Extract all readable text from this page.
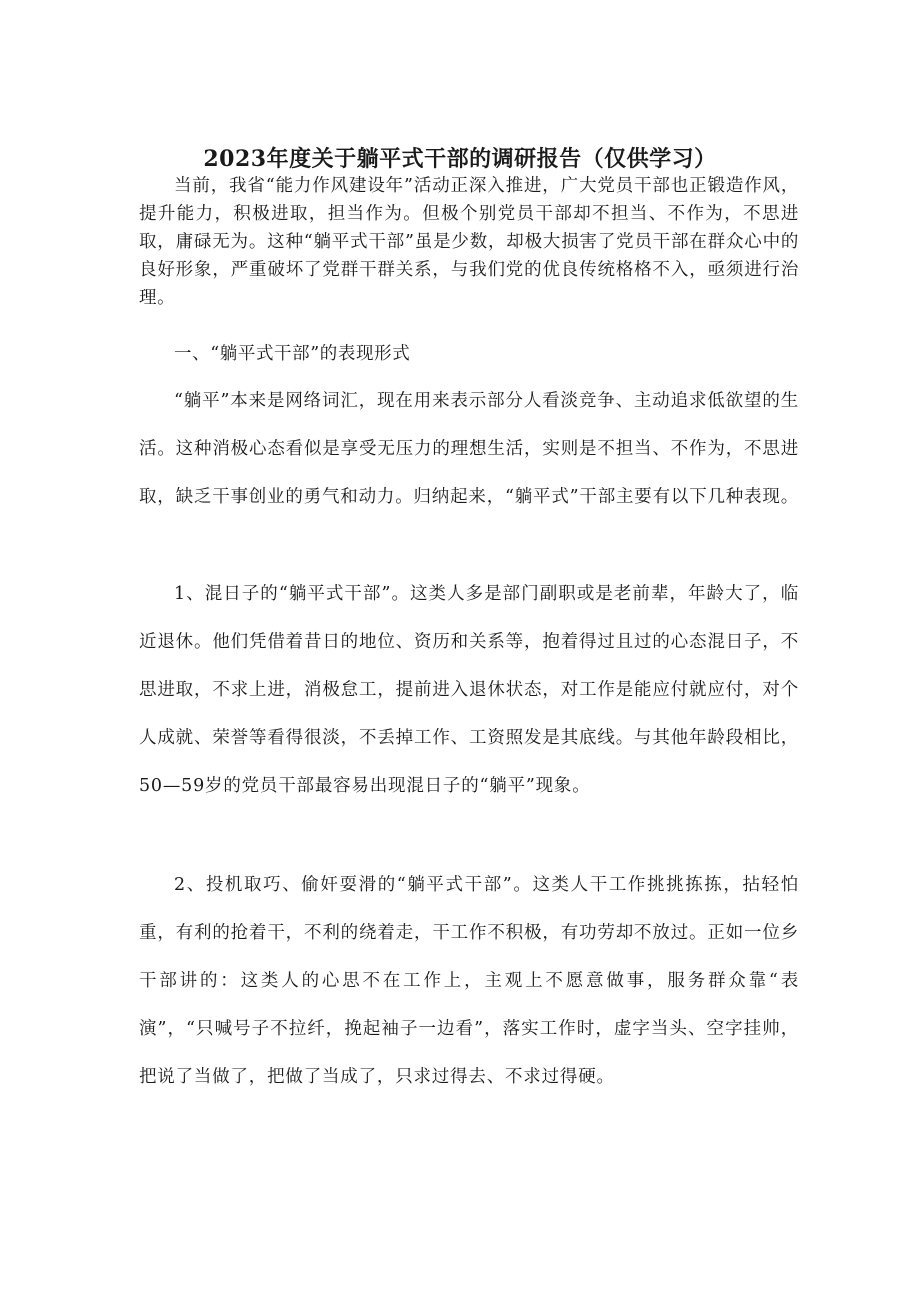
2023年度关于躺平式干部的调研报告（仅供学习）

当前，我省“能力作风建设年”活动正深入推进，广大党员干部也正锻造作风，提升能力，积极进取，担当作为。但极个别党员干部却不担当、不作为，不思进取，庸碌无为。这种“躺平式干部”虽是少数，却极大损害了党员干部在群众心中的良好形象，严重破坏了党群干群关系，与我们党的优良传统格格不入，亟须进行治理。

一、“躺平式干部”的表现形式

“躺平”本来是网络词汇，现在用来表示部分人看淡竞争、主动追求低欲望的生活。这种消极心态看似是享受无压力的理想生活，实则是不担当、不作为，不思进取，缺乏干事创业的勇气和动力。归纳起来，“躺平式”干部主要有以下几种表现。

1、混日子的“躺平式干部”。这类人多是部门副职或是老前辈，年龄大了，临近退休。他们凭借着昔日的地位、资历和关系等，抱着得过且过的心态混日子，不思进取，不求上进，消极怠工，提前进入退休状态，对工作是能应付就应付，对个人成就、荣誉等看得很淡，不丢掉工作、工资照发是其底线。与其他年龄段相比，50—59岁的党员干部最容易出现混日子的“躺平”现象。

2、投机取巧、偷奸耍滑的“躺平式干部”。这类人干工作挑挑拣拣，拈轻怕重，有利的抢着干，不利的绕着走，干工作不积极，有功劳却不放过。正如一位乡干部讲的：这类人的心思不在工作上，主观上不愿意做事，服务群众靠“表演”，“只喊号子不拉纤，挽起袖子一边看”，落实工作时，虚字当头、空字挂帅，把说了当做了，把做了当成了，只求过得去、不求过得硬。
